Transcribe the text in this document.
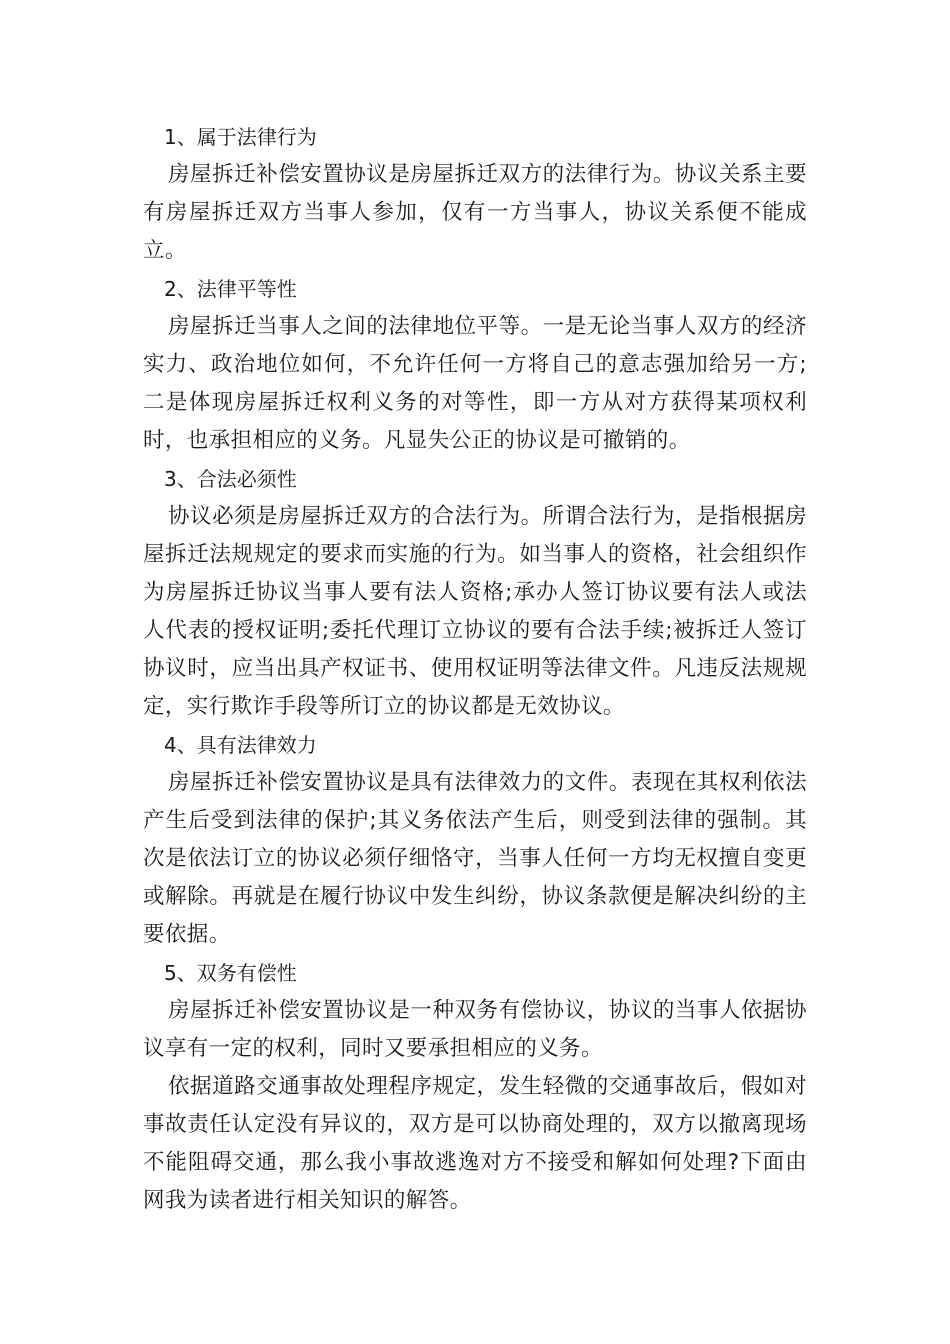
1、属于法律行为

房屋拆迁补偿安置协议是房屋拆迁双方的法律行为。协议关系主要有房屋拆迁双方当事人参加，仅有一方当事人，协议关系便不能成立。

2、法律平等性

房屋拆迁当事人之间的法律地位平等。一是无论当事人双方的经济实力、政治地位如何，不允许任何一方将自己的意志强加给另一方;二是体现房屋拆迁权利义务的对等性，即一方从对方获得某项权利时，也承担相应的义务。凡显失公正的协议是可撤销的。

3、合法必须性

协议必须是房屋拆迁双方的合法行为。所谓合法行为，是指根据房屋拆迁法规规定的要求而实施的行为。如当事人的资格，社会组织作为房屋拆迁协议当事人要有法人资格;承办人签订协议要有法人或法人代表的授权证明;委托代理订立协议的要有合法手续;被拆迁人签订协议时，应当出具产权证书、使用权证明等法律文件。凡违反法规规定，实行欺诈手段等所订立的协议都是无效协议。

4、具有法律效力

房屋拆迁补偿安置协议是具有法律效力的文件。表现在其权利依法产生后受到法律的保护;其义务依法产生后，则受到法律的强制。其次是依法订立的协议必须仔细恪守，当事人任何一方均无权擅自变更或解除。再就是在履行协议中发生纠纷，协议条款便是解决纠纷的主要依据。

5、双务有偿性

房屋拆迁补偿安置协议是一种双务有偿协议，协议的当事人依据协议享有一定的权利，同时又要承担相应的义务。

依据道路交通事故处理程序规定，发生轻微的交通事故后，假如对事故责任认定没有异议的，双方是可以协商处理的，双方以撤离现场不能阻碍交通，那么我小事故逃逸对方不接受和解如何处理?下面由网我为读者进行相关知识的解答。
